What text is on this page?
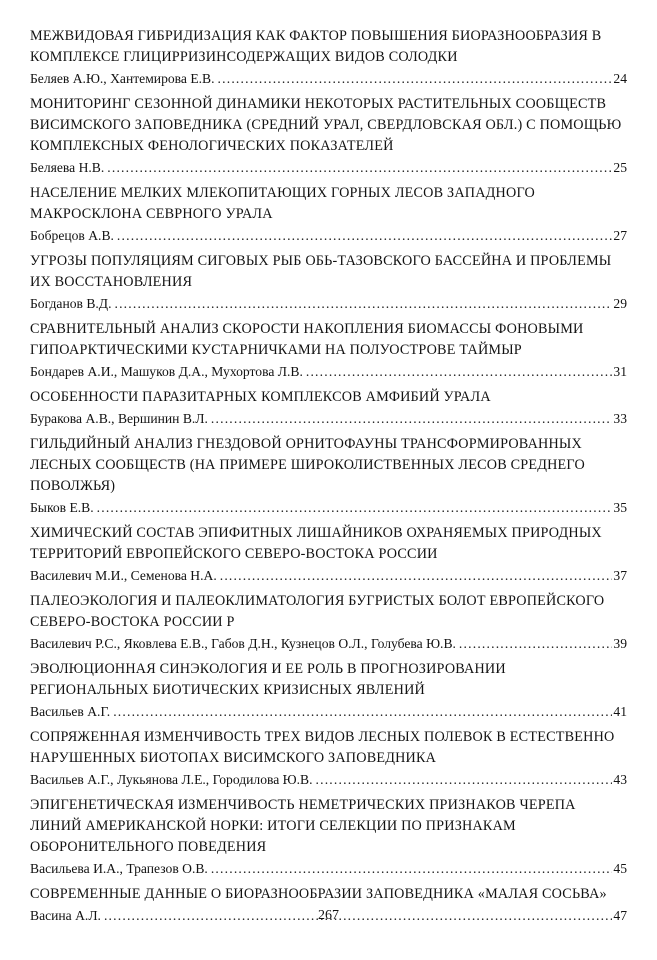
МЕЖВИДОВАЯ ГИБРИДИЗАЦИЯ КАК ФАКТОР ПОВЫШЕНИЯ БИОРАЗНООБРАЗИЯ В КОМПЛЕКСЕ ГЛИЦИРРИЗИНСОДЕРЖАЩИХ ВИДОВ СОЛОДКИ
Беляев А.Ю., Хантемирова Е.В. .....	24
МОНИТОРИНГ СЕЗОННОЙ ДИНАМИКИ НЕКОТОРЫХ РАСТИТЕЛЬНЫХ СООБЩЕСТВ ВИСИМСКОГО ЗАПОВЕДНИКА (СРЕДНИЙ УРАЛ, СВЕРДЛОВСКАЯ ОБЛ.) С ПОМОЩЬЮ КОМПЛЕКСНЫХ ФЕНОЛОГИЧЕСКИХ ПОКАЗАТЕЛЕЙ
Беляева Н.В. .....	25
НАСЕЛЕНИЕ МЕЛКИХ МЛЕКОПИТАЮЩИХ ГОРНЫХ ЛЕСОВ ЗАПАДНОГО МАКРОСКЛОНА СЕВРНОГО УРАЛА
Бобрецов А.В. .....	27
УГРОЗЫ ПОПУЛЯЦИЯМ СИГОВЫХ РЫБ ОБЬ-ТАЗОВСКОГО БАССЕЙНА И ПРОБЛЕМЫ ИХ ВОССТАНОВЛЕНИЯ
Богданов В.Д. .....	29
СРАВНИТЕЛЬНЫЙ АНАЛИЗ СКОРОСТИ НАКОПЛЕНИЯ БИОМАССЫ ФОНОВЫМИ ГИПОАРКТИЧЕСКИМИ КУСТАРНИЧКАМИ НА ПОЛУОСТРОВЕ ТАЙМЫР
Бондарев А.И., Машуков Д.А., Мухортова Л.В. .....	31
ОСОБЕННОСТИ ПАРАЗИТАРНЫХ КОМПЛЕКСОВ АМФИБИЙ УРАЛА
Буракова А.В., Вершинин В.Л. .....	33
ГИЛЬДИЙНЫЙ АНАЛИЗ ГНЕЗДОВОЙ ОРНИТОФАУНЫ ТРАНСФОРМИРОВАННЫХ ЛЕСНЫХ СООБЩЕСТВ (НА ПРИМЕРЕ ШИРОКОЛИСТВЕННЫХ ЛЕСОВ СРЕДНЕГО ПОВОЛЖЬЯ)
Быков Е.В. .....	35
ХИМИЧЕСКИЙ СОСТАВ ЭПИФИТНЫХ ЛИШАЙНИКОВ ОХРАНЯЕМЫХ ПРИРОДНЫХ ТЕРРИТОРИЙ ЕВРОПЕЙСКОГО СЕВЕРО-ВОСТОКА РОССИИ
Василевич М.И., Семенова Н.А. .....	37
ПАЛЕОЭКОЛОГИЯ И ПАЛЕОКЛИМАТОЛОГИЯ БУГРИСТЫХ БОЛОТ ЕВРОПЕЙСКОГО СЕВЕРО-ВОСТОКА РОССИИ Р
Василевич Р.С., Яковлева Е.В., Габов Д.Н., Кузнецов О.Л., Голубева Ю.В. .....	39
ЭВОЛЮЦИОННАЯ СИНЭКОЛОГИЯ И ЕЕ РОЛЬ В ПРОГНОЗИРОВАНИИ РЕГИОНАЛЬНЫХ БИОТИЧЕСКИХ КРИЗИСНЫХ ЯВЛЕНИЙ
Васильев А.Г. .....	41
СОПРЯЖЕННАЯ ИЗМЕНЧИВОСТЬ ТРЕХ ВИДОВ ЛЕСНЫХ ПОЛЕВОК В ЕСТЕСТВЕННО НАРУШЕННЫХ БИОТОПАХ ВИСИМСКОГО ЗАПОВЕДНИКА
Васильев А.Г., Лукьянова Л.Е., Городилова Ю.В. .....	43
ЭПИГЕНЕТИЧЕСКАЯ ИЗМЕНЧИВОСТЬ НЕМЕТРИЧЕСКИХ ПРИЗНАКОВ ЧЕРЕПА ЛИНИЙ АМЕРИКАНСКОЙ НОРКИ: ИТОГИ СЕЛЕКЦИИ ПО ПРИЗНАКАМ ОБОРОНИТЕЛЬНОГО ПОВЕДЕНИЯ
Васильева И.А., Трапезов О.В. .....	45
СОВРЕМЕННЫЕ ДАННЫЕ О БИОРАЗНООБРАЗИИ ЗАПОВЕДНИКА «МАЛАЯ СОСЬВА»
Васина А.Л. .....	47
267
